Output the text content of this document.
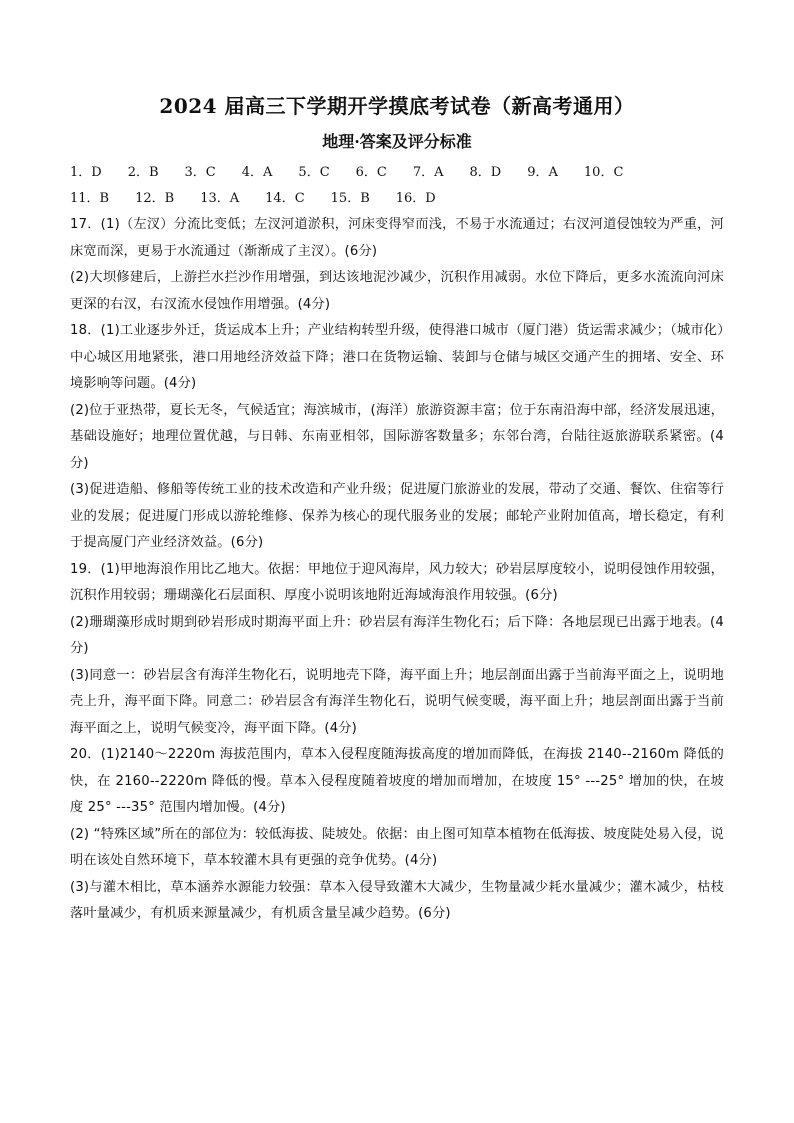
2024 届高三下学期开学摸底考试卷（新高考通用）
地理·答案及评分标准
1．D 2．B 3．C 4．A 5．C 6．C 7．A 8．D 9．A 10．C
11．B 12．B 13．A 14．C 15．B 16．D

17．(1)（左汊）分流比变低；左汊河道淤积，河床变得窄而浅，不易于水流通过；右汊河道侵蚀较为严重，河床宽而深，更易于水流通过（渐渐成了主汊）。(6分)

(2)大坝修建后，上游拦水拦沙作用增强，到达该地泥沙减少，沉积作用减弱。水位下降后，更多水流流向河床更深的右汊，右汊流水侵蚀作用增强。(4分)

18．(1)工业逐步外迁，货运成本上升；产业结构转型升级，使得港口城市（厦门港）货运需求减少；（城市化）中心城区用地紧张，港口用地经济效益下降；港口在货物运输、装卸与仓储与城区交通产生的拥堵、安全、环境影响等问题。(4分)

(2)位于亚热带，夏长无冬，气候适宜；海滨城市，(海洋）旅游资源丰富；位于东南沿海中部，经济发展迅速，基础设施好；地理位置优越，与日韩、东南亚相邻，国际游客数量多；东邻台湾，台陆往返旅游联系紧密。(4分)

(3)促进造船、修船等传统工业的技术改造和产业升级；促进厦门旅游业的发展，带动了交通、餐饮、住宿等行业的发展；促进厦门形成以游轮维修、保养为核心的现代服务业的发展；邮轮产业附加值高，增长稳定，有利于提高厦门产业经济效益。(6分)

19．(1)甲地海浪作用比乙地大。依据：甲地位于迎风海岸，风力较大；砂岩层厚度较小，说明侵蚀作用较强，沉积作用较弱；珊瑚藻化石层面积、厚度小说明该地附近海域海浪作用较强。(6分)

(2)珊瑚藻形成时期到砂岩形成时期海平面上升：砂岩层有海洋生物化石；后下降：各地层现已出露于地表。(4分)

(3)同意一：砂岩层含有海洋生物化石，说明地壳下降，海平面上升；地层剖面出露于当前海平面之上，说明地壳上升，海平面下降。同意二：砂岩层含有海洋生物化石，说明气候变暖，海平面上升；地层剖面出露于当前海平面之上，说明气候变冷，海平面下降。(4分)

20．(1)2140～2220m 海拔范围内，草本入侵程度随海拔高度的增加而降低，在海拔 2140--2160m 降低的快，在 2160--2220m 降低的慢。草本入侵程度随着坡度的增加而增加，在坡度 15° ---25° 增加的快，在坡度 25° ---35° 范围内增加慢。(4分)

(2) “特殊区域”所在的部位为：较低海拔、陡坡处。依据：由上图可知草本植物在低海拔、坡度陡处易入侵，说明在该处自然环境下，草本较灌木具有更强的竞争优势。(4分)

(3)与灌木相比，草本涵养水源能力较强：草本入侵导致灌木大减少，生物量减少耗水量减少；灌木减少，枯枝落叶量减少，有机质来源量减少，有机质含量呈减少趋势。(6分)
